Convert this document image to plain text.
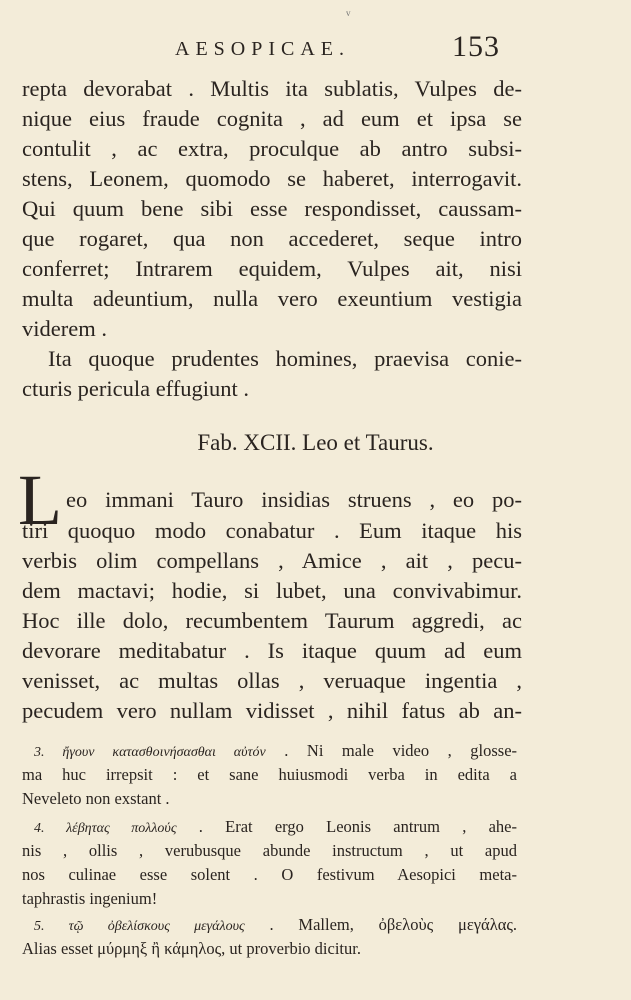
v
AESOPICAE.	153
repta devorabat . Multis ita sublatis, Vulpes de-
nique eius fraude cognita , ad eum et ipsa se
contulit , ac extra, proculque ab antro subsi-
stens, Leonem, quomodo se haberet, interrogavit.
Qui quum bene sibi esse respondisset, caussam-
que rogaret, qua non accederet, seque intro
conferret; Intrarem equidem, Vulpes ait, nisi
multa adeuntium, nulla vero exeuntium vestigia
viderem .
Ita quoque prudentes homines, praevisa conie-
cturis pericula effugiunt .
Fab. XCII. Leo et Taurus.
L eo immani Tauro insidias struens , eo po-
tiri quoquo modo conabatur . Eum itaque his
verbis olim compellans , Amice , ait , pecu-
dem mactavi; hodie, si lubet, una convivabimur.
Hoc ille dolo, recumbentem Taurum aggredi, ac
devorare meditabatur . Is itaque quum ad eum
venisset, ac multas ollas , veruaque ingentia ,
pecudem vero nullam vidisset , nihil fatus ab an-
3. ἤγουν κατασθοινήσασθαι αὐτόν . Ni male video , glosse-
ma huc irrepsit : et sane huiusmodi verba in edita a
Neveleto non exstant .
4. λέβητας πολλούς . Erat ergo Leonis antrum , ahe-
nis , ollis , verubusque abunde instructum , ut apud
nos culinae esse solent . O festivum Aesopici meta-
taphrastis ingenium!
5. τῷ ὀβελίσκους μεγάλους . Mallem, ὀβελοὺς μεγάλας.
Alias esset μύρμηξ ἢ κάμηλος, ut proverbio dicitur.
